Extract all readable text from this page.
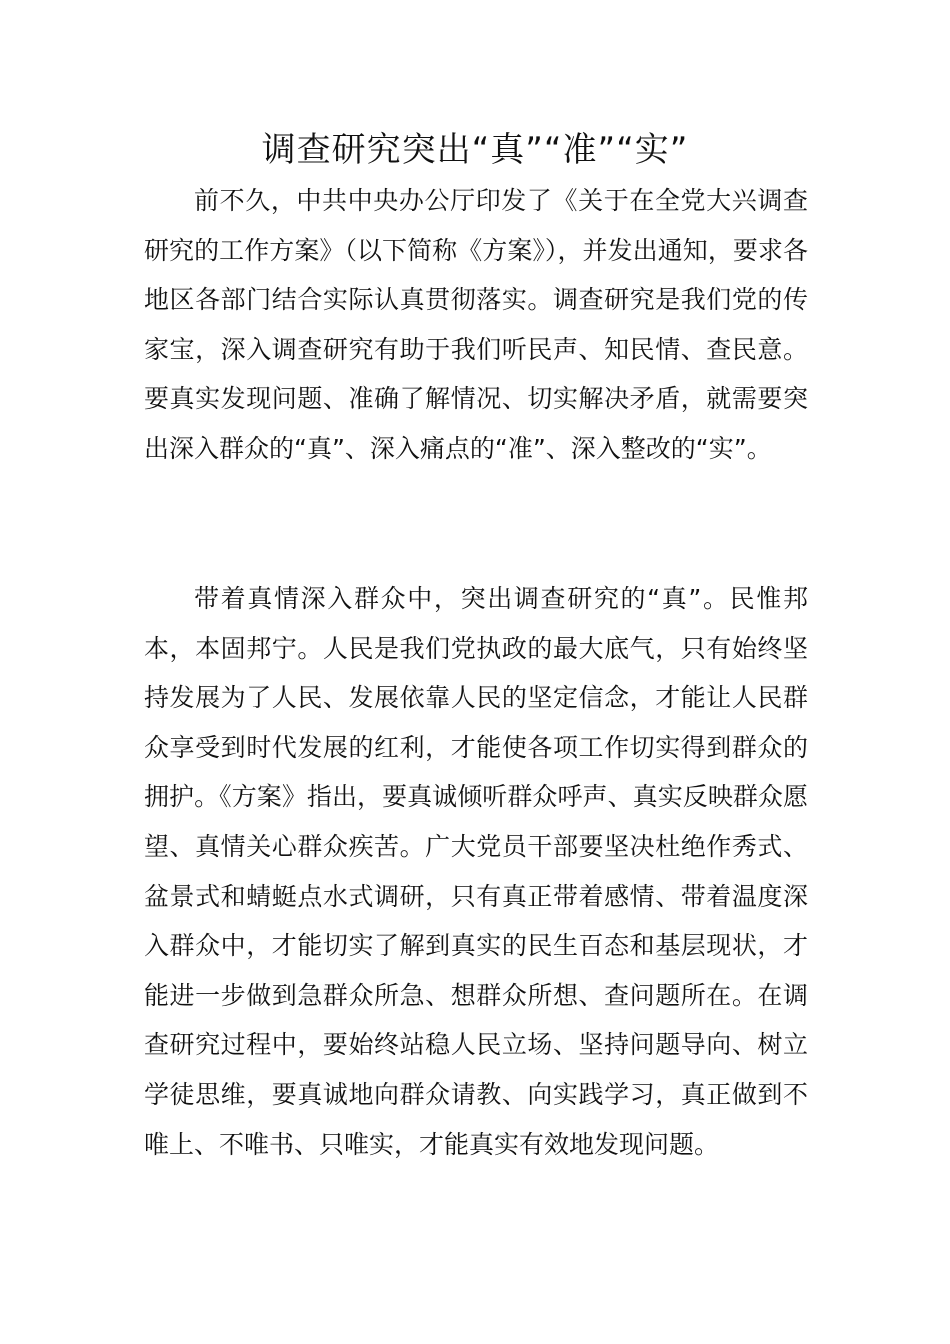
调查研究突出“真”“准”“实”

前不久，中共中央办公厅印发了《关于在全党大兴调查研究的工作方案》（以下简称《方案》），并发出通知，要求各地区各部门结合实际认真贯彻落实。调查研究是我们党的传家宝，深入调查研究有助于我们听民声、知民情、查民意。要真实发现问题、准确了解情况、切实解决矛盾，就需要突出深入群众的“真”、深入痛点的“准”、深入整改的“实”。

带着真情深入群众中，突出调查研究的“真”。民惟邦本，本固邦宁。人民是我们党执政的最大底气，只有始终坚持发展为了人民、发展依靠人民的坚定信念，才能让人民群众享受到时代发展的红利，才能使各项工作切实得到群众的拥护。《方案》指出，要真诚倾听群众呼声、真实反映群众愿望、真情关心群众疾苦。广大党员干部要坚决杜绝作秀式、盆景式和蜻蜓点水式调研，只有真正带着感情、带着温度深入群众中，才能切实了解到真实的民生百态和基层现状，才能进一步做到急群众所急、想群众所想、查问题所在。在调查研究过程中，要始终站稳人民立场、坚持问题导向、树立学徒思维，要真诚地向群众请教、向实践学习，真正做到不唯上、不唯书、只唯实，才能真实有效地发现问题。
